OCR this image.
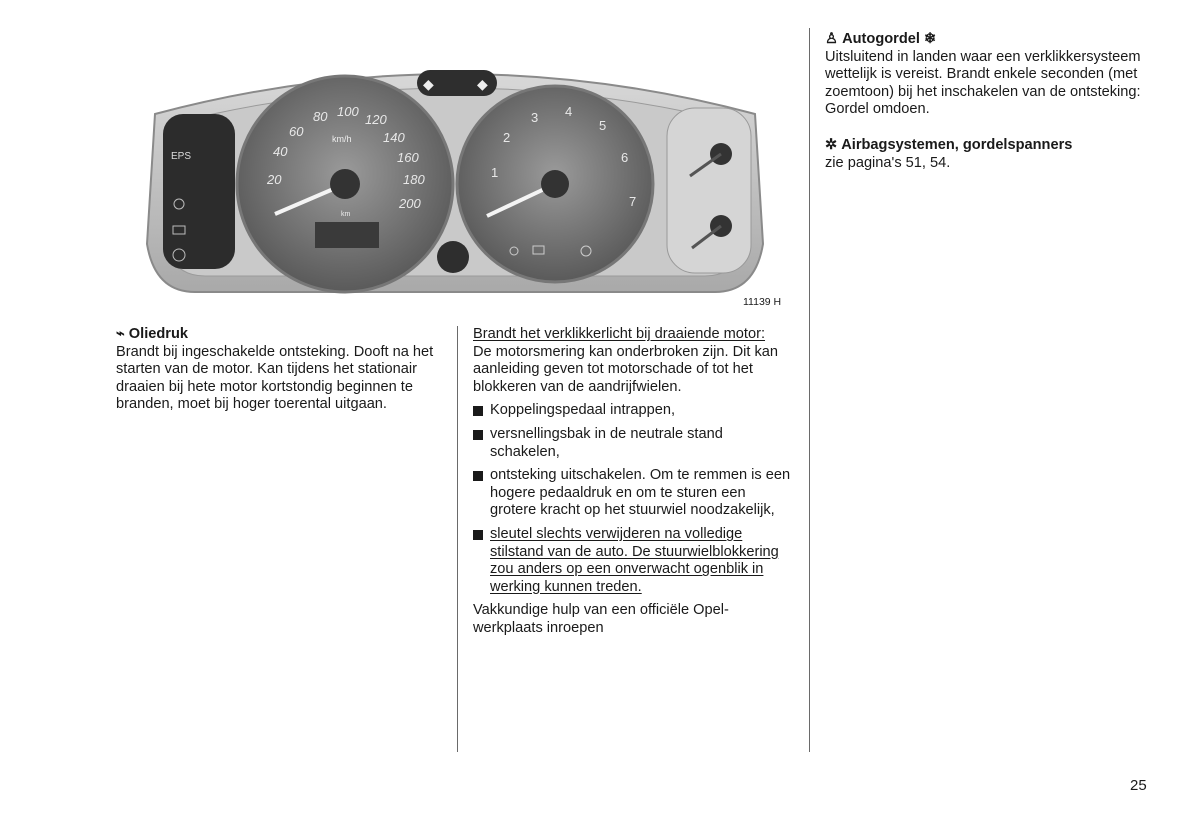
EPS
20
40
60
80 100
120
140
160
180
200
km/h
km
◆	◆
1
2
3 4
5
6
7
11139 H
⌁ Oliedruk
Brandt bij ingeschakelde ontsteking. Dooft na het starten van de motor. Kan tijdens het stationair draaien bij hete motor kortstondig beginnen te branden, moet bij hoger toerental uitgaan.
Brandt het verklikkerlicht bij draaiende motor:
De motorsmering kan onderbroken zijn. Dit kan aanleiding geven tot motorschade of tot het blokkeren van de aandrijfwielen.
Koppelingspedaal intrappen,
versnellingsbak in de neutrale stand schakelen,
ontsteking uitschakelen. Om te remmen is een hogere pedaaldruk en om te sturen een grotere kracht op het stuurwiel noodzakelijk,
sleutel slechts verwijderen na volledige stilstand van de auto. De stuurwielblokkering zou anders op een onverwacht ogenblik in werking kunnen treden.
Vakkundige hulp van een officiële Opel-werkplaats inroepen
♙ Autogordel ❄
Uitsluitend in landen waar een verklikkersysteem wettelijk is vereist. Brandt enkele seconden (met zoemtoon) bij het inschakelen van de ontsteking: Gordel omdoen.
✲ Airbagsystemen, gordelspanners
zie pagina's 51, 54.
25
